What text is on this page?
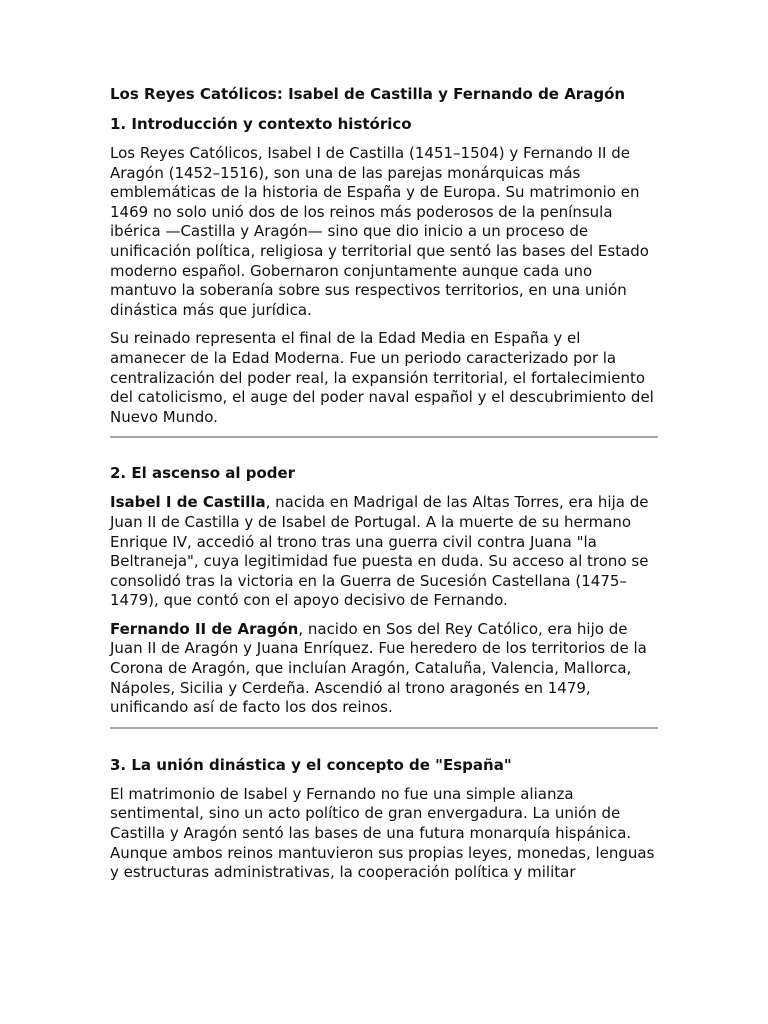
Los Reyes Católicos: Isabel de Castilla y Fernando de Aragón
1. Introducción y contexto histórico

Los Reyes Católicos, Isabel I de Castilla (1451–1504) y Fernando II de Aragón (1452–1516), son una de las parejas monárquicas más emblemáticas de la historia de España y de Europa. Su matrimonio en 1469 no solo unió dos de los reinos más poderosos de la península ibérica —Castilla y Aragón— sino que dio inicio a un proceso de unificación política, religiosa y territorial que sentó las bases del Estado moderno español. Gobernaron conjuntamente aunque cada uno mantuvo la soberanía sobre sus respectivos territorios, en una unión dinástica más que jurídica.

Su reinado representa el final de la Edad Media en España y el amanecer de la Edad Moderna. Fue un periodo caracterizado por la centralización del poder real, la expansión territorial, el fortalecimiento del catolicismo, el auge del poder naval español y el descubrimiento del Nuevo Mundo.

2. El ascenso al poder

Isabel I de Castilla, nacida en Madrigal de las Altas Torres, era hija de Juan II de Castilla y de Isabel de Portugal. A la muerte de su hermano Enrique IV, accedió al trono tras una guerra civil contra Juana "la Beltraneja", cuya legitimidad fue puesta en duda. Su acceso al trono se consolidó tras la victoria en la Guerra de Sucesión Castellana (1475–1479), que contó con el apoyo decisivo de Fernando.

Fernando II de Aragón, nacido en Sos del Rey Católico, era hijo de Juan II de Aragón y Juana Enríquez. Fue heredero de los territorios de la Corona de Aragón, que incluían Aragón, Cataluña, Valencia, Mallorca, Nápoles, Sicilia y Cerdeña. Ascendió al trono aragonés en 1479, unificando así de facto los dos reinos.

3. La unión dinástica y el concepto de "España"

El matrimonio de Isabel y Fernando no fue una simple alianza sentimental, sino un acto político de gran envergadura. La unión de Castilla y Aragón sentó las bases de una futura monarquía hispánica. Aunque ambos reinos mantuvieron sus propias leyes, monedas, lenguas y estructuras administrativas, la cooperación política y militar
